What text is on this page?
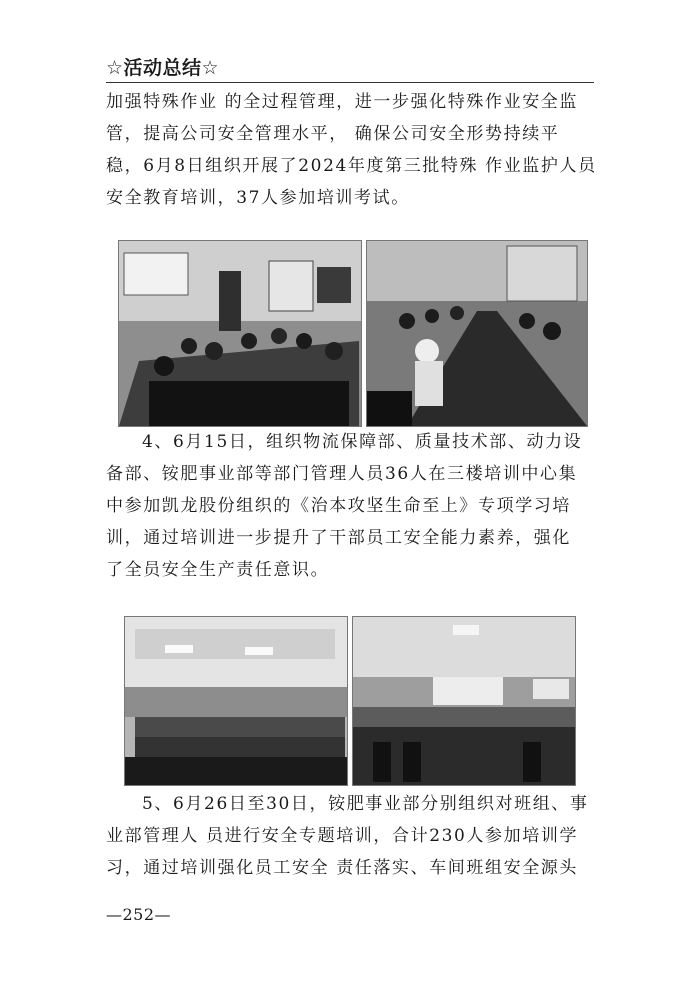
☆活动总结☆
加强特殊作业 的全过程管理，进一步强化特殊作业安全监
管，提高公司安全管理水平， 确保公司安全形势持续平
稳，6月8日组织开展了2024年度第三批特殊 作业监护人员
安全教育培训，37人参加培训考试。
4、6月15日，组织物流保障部、质量技术部、动力设
备部、铵肥事业部等部门管理人员36人在三楼培训中心集
中参加凯龙股份组织的《治本攻坚生命至上》专项学习培
训，通过培训进一步提升了干部员工安全能力素养，强化
了全员安全生产责任意识。
5、6月26日至30日，铵肥事业部分别组织对班组、事
业部管理人 员进行安全专题培训，合计230人参加培训学
习，通过培训强化员工安全 责任落实、车间班组安全源头
—252—
